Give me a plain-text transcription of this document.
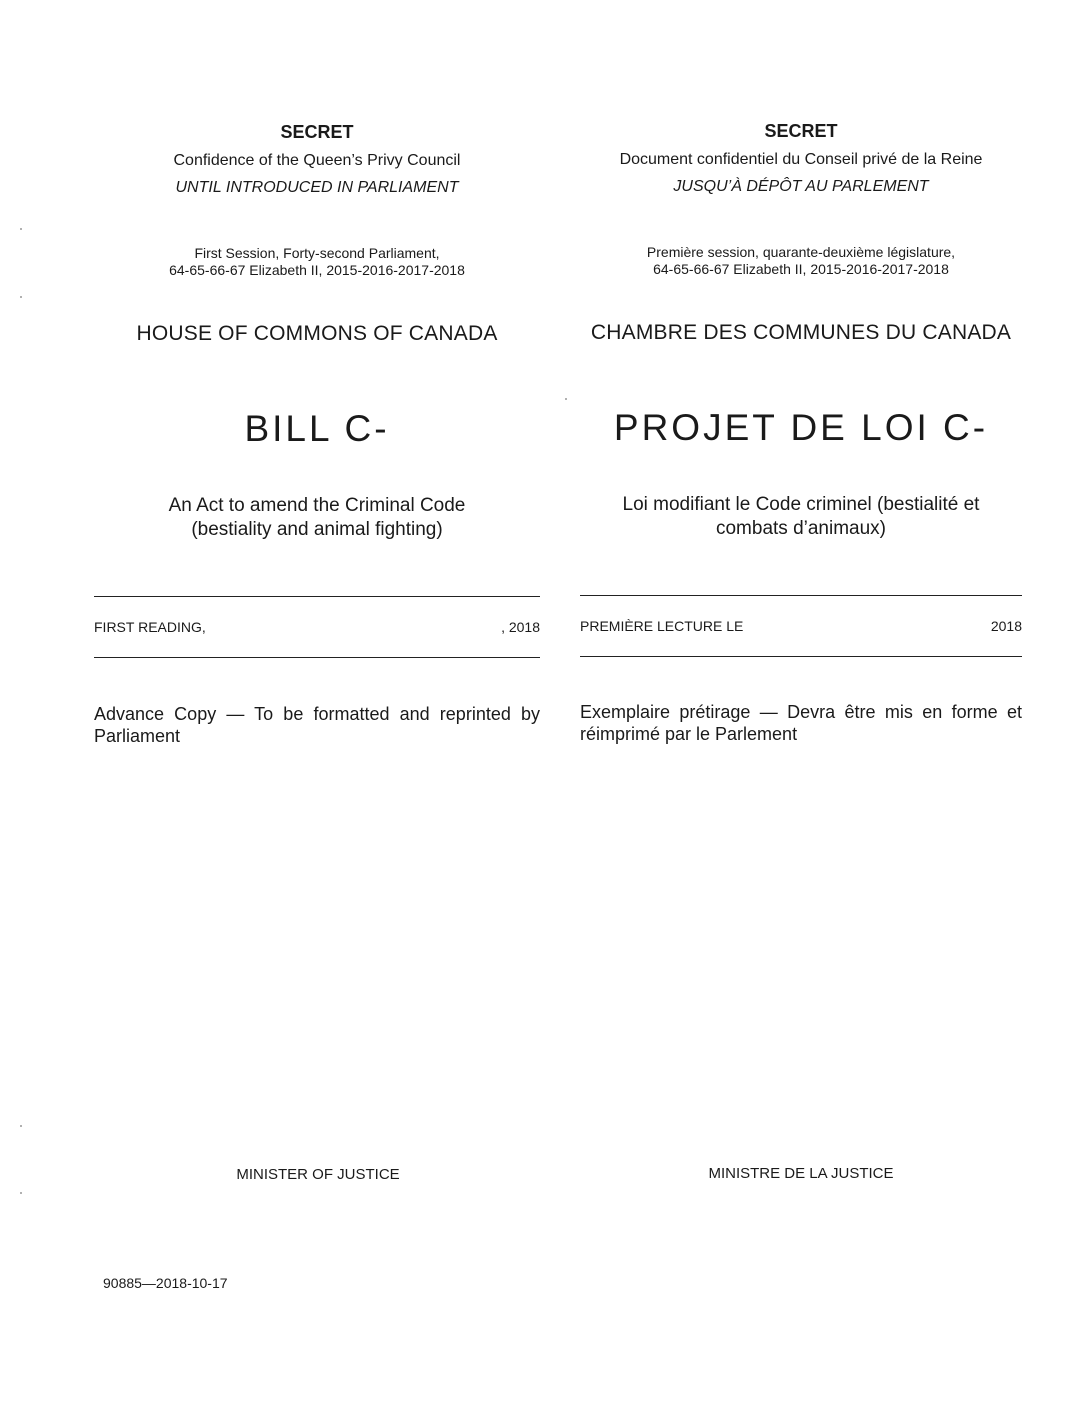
SECRET
Confidence of the Queen’s Privy Council
UNTIL INTRODUCED IN PARLIAMENT
First Session, Forty-second Parliament,
64-65-66-67 Elizabeth II, 2015-2016-2017-2018
HOUSE OF COMMONS OF CANADA
BILL C-
An Act to amend the Criminal Code
(bestiality and animal fighting)
FIRST READING,	, 2018
Advance Copy — To be formatted and reprinted by Parliament
MINISTER OF JUSTICE
SECRET
Document confidentiel du Conseil privé de la Reine
JUSQU’À DÉPÔT AU PARLEMENT
Première session, quarante-deuxième législature,
64-65-66-67 Elizabeth II, 2015-2016-2017-2018
CHAMBRE DES COMMUNES DU CANADA
PROJET DE LOI C-
Loi modifiant le Code criminel (bestialité et
combats d’animaux)
PREMIÈRE LECTURE LE	2018
Exemplaire prétirage — Devra être mis en forme et réimprimé par le Parlement
MINISTRE DE LA JUSTICE
90885—2018-10-17
